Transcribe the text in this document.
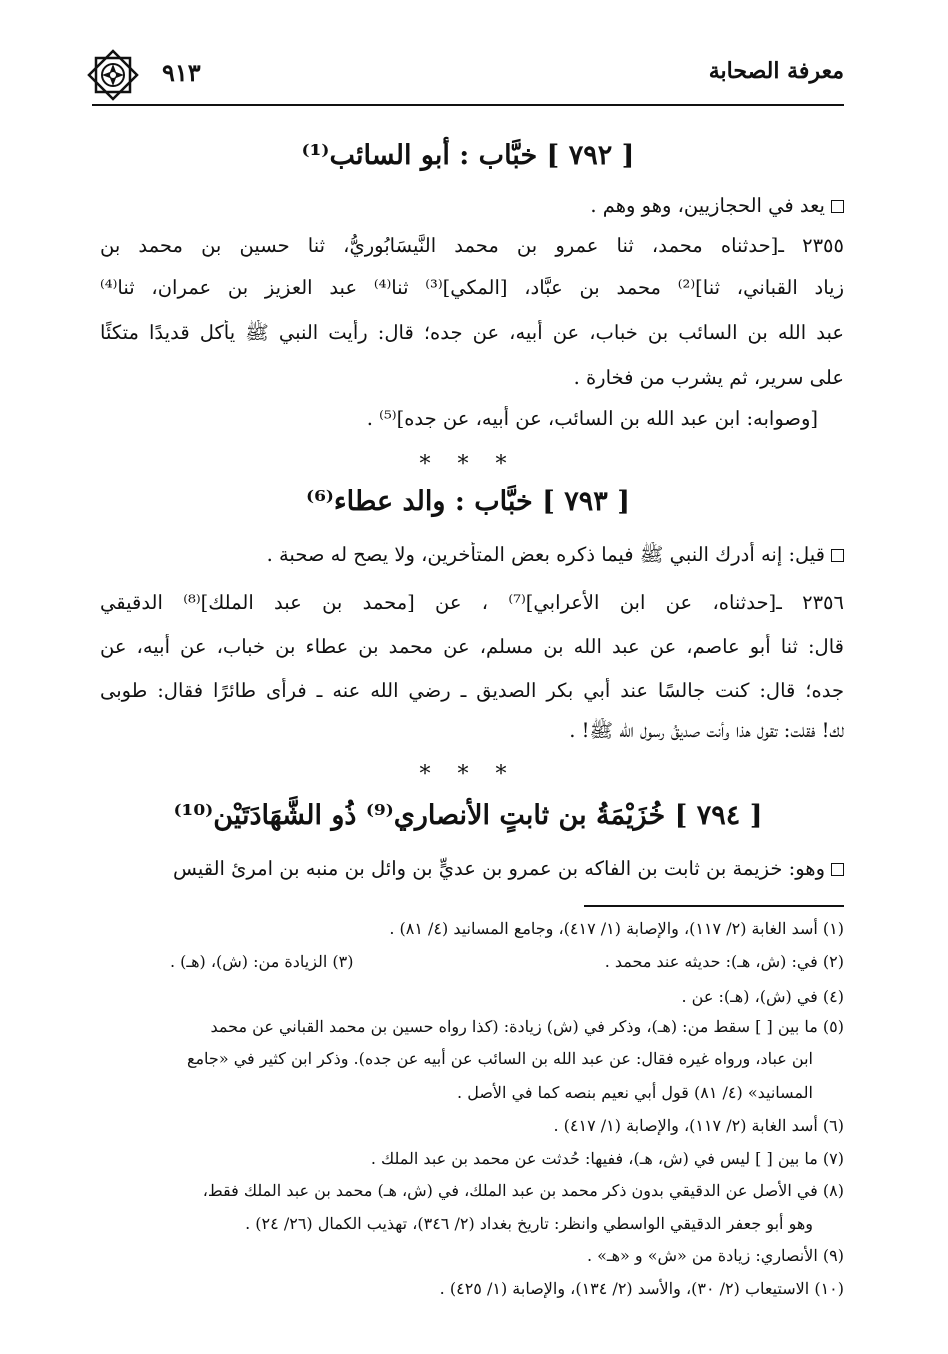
معرفة الصحابة
٩١٣
[ ٧٩٢ ] خبَّاب : أبو السائب⁽¹⁾
يعد في الحجازيين، وهو وهم .
٢٣٥٥ ـ[حدثناه محمد، ثنا عمرو بن محمد النَّيسَابُوريُّ، ثنا حسين بن محمد بن
زياد القباني، ثنا]⁽²⁾ محمد بن عبَّاد، [المكي]⁽³⁾ ثنا⁽⁴⁾ عبد العزيز بن عمران، ثنا⁽⁴⁾
عبد الله بن السائب بن خباب، عن أبيه، عن جده؛ قال: رأيت النبي ﷺ يأكل قديدًا متكئًا
على سرير، ثم يشرب من فخارة .
[وصوابه: ابن عبد الله بن السائب، عن أبيه، عن جده]⁽⁵⁾ .
* * *
[ ٧٩٣ ] خبَّاب : والد عطاء⁽⁶⁾
قيل: إنه أدرك النبي ﷺ فيما ذكره بعض المتأخرين، ولا يصح له صحبة .
٢٣٥٦ ـ[حدثناه، عن ابن الأعرابي]⁽⁷⁾ ، عن [محمد بن عبد الملك]⁽⁸⁾ الدقيقي
قال: ثنا أبو عاصم، عن عبد الله بن مسلم، عن محمد بن عطاء بن خباب، عن أبيه، عن
جده؛ قال: كنت جالسًا عند أبي بكر الصديق ـ رضي الله عنه ـ فرأى طائرًا فقال: طوبى
لك! فقلت: تقول هذا وأنت صديقُ رسول الله ﷺ! .
* * *
[ ٧٩٤ ] خُزَيْمَةُ بن ثابتٍ الأنصاري⁽⁹⁾ ذُو الشَّهَادَتَيْن⁽¹⁰⁾
وهو: خزيمة بن ثابت بن الفاكه بن عمرو بن عديٍّ بن وائل بن منبه بن امرئ القيس
(١) أسد الغابة (٢/ ١١٧)، والإصابة (١/ ٤١٧)، وجامع المسانيد (٤/ ٨١) .
(٢) في: (ش، هـ): حديثه عند محمد .
(٣) الزيادة من: (ش)، (هـ) .
(٤) في (ش)، (هـ): عن .
(٥) ما بين [ ] سقط من: (هـ)، وذكر في (ش) زيادة: (كذا رواه حسين بن محمد القباني عن محمد
ابن عباد، ورواه غيره فقال: عن عبد الله بن السائب عن أبيه عن جده). وذكر ابن كثير في «جامع
المسانيد» (٤/ ٨١) قول أبي نعيم بنصه كما في الأصل .
(٦) أسد الغابة (٢/ ١١٧)، والإصابة (١/ ٤١٧) .
(٧) ما بين [ ] ليس في (ش، هـ)، ففيها: حُدثت عن محمد بن عبد الملك .
(٨) في الأصل عن الدقيقي بدون ذكر محمد بن عبد الملك، في (ش، هـ) محمد بن عبد الملك فقط،
وهو أبو جعفر الدقيقي الواسطي وانظر: تاريخ بغداد (٢/ ٣٤٦)، تهذيب الكمال (٢٦/ ٢٤) .
(٩) الأنصاري: زيادة من «ش» و «هـ» .
(١٠) الاستيعاب (٢/ ٣٠)، والأسد (٢/ ١٣٤)، والإصابة (١/ ٤٢٥) .
